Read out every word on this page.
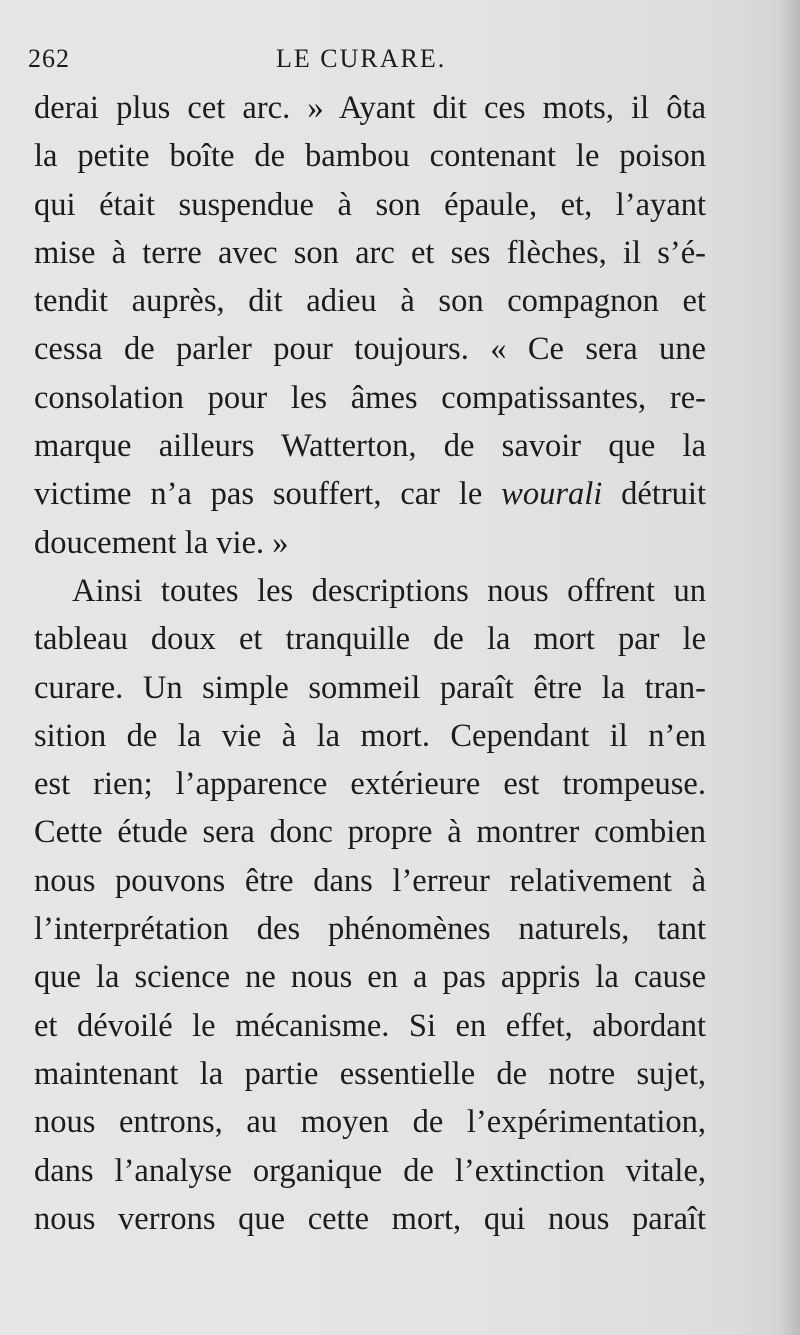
262	LE CURARE.
derai plus cet arc. » Ayant dit ces mots, il ôta
la petite boîte de bambou contenant le poison
qui était suspendue à son épaule, et, l’ayant
mise à terre avec son arc et ses flèches, il s’é-
tendit auprès, dit adieu à son compagnon et
cessa de parler pour toujours. « Ce sera une
consolation pour les âmes compatissantes, re-
marque ailleurs Watterton, de savoir que la
victime n’a pas souffert, car le wourali détruit
doucement la vie. »
Ainsi toutes les descriptions nous offrent un
tableau doux et tranquille de la mort par le
curare. Un simple sommeil paraît être la tran-
sition de la vie à la mort. Cependant il n’en
est rien; l’apparence extérieure est trompeuse.
Cette étude sera donc propre à montrer combien
nous pouvons être dans l’erreur relativement à
l’interprétation des phénomènes naturels, tant
que la science ne nous en a pas appris la cause
et dévoilé le mécanisme. Si en effet, abordant
maintenant la partie essentielle de notre sujet,
nous entrons, au moyen de l’expérimentation,
dans l’analyse organique de l’extinction vitale,
nous verrons que cette mort, qui nous paraît
